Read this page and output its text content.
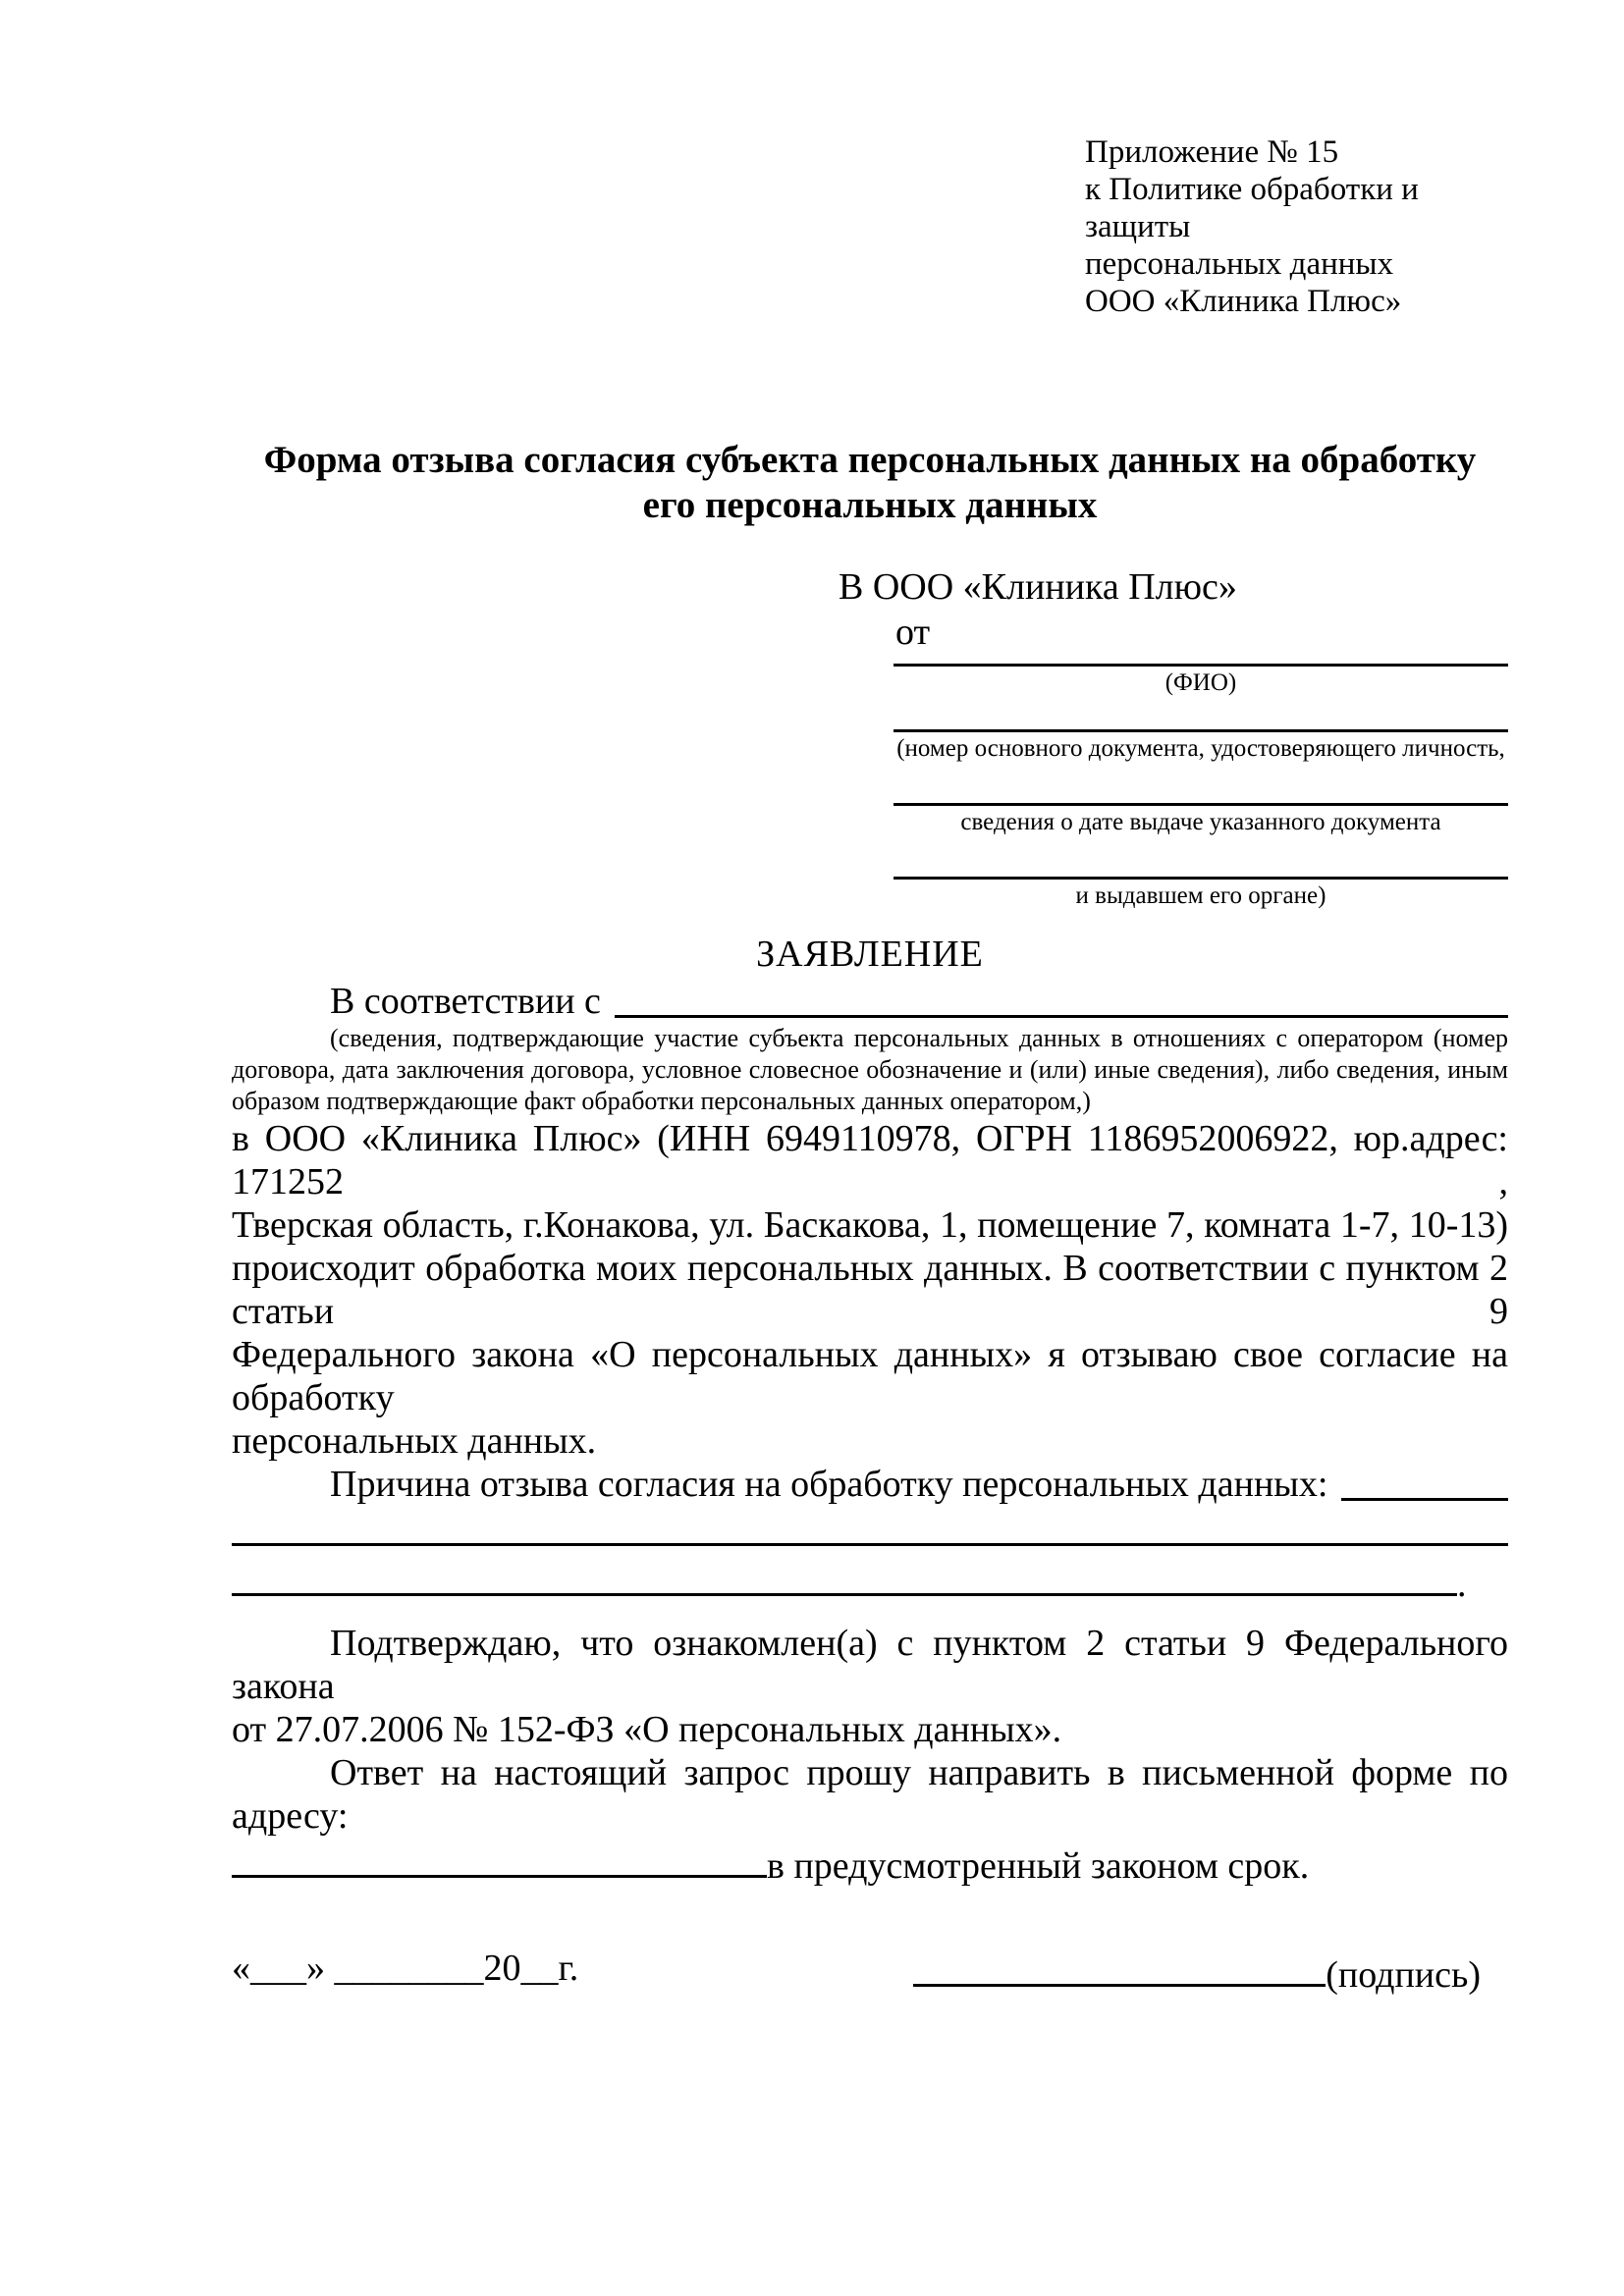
Приложение № 15
к Политике обработки и защиты
персональных данных
ООО «Клиника Плюс»
Форма отзыва согласия субъекта персональных данных на обработку
его персональных данных
В ООО «Клиника Плюс»
от
(ФИО)
(номер основного документа, удостоверяющего личность,
сведения о дате выдаче указанного документа
и выдавшем его органе)
ЗАЯВЛЕНИЕ
В соответствии с
(сведения, подтверждающие участие субъекта персональных данных в отношениях с оператором (номер договора, дата заключения договора, условное словесное обозначение и (или) иные сведения), либо сведения, иным образом подтверждающие факт обработки персональных данных оператором,)
в ООО «Клиника Плюс» (ИНН 6949110978, ОГРН 1186952006922, юр.адрес: 171252 ,
Тверская область, г.Конакова, ул. Баскакова, 1, помещение 7, комната 1-7, 10-13)
происходит обработка моих персональных данных. В соответствии с пунктом 2 статьи 9
Федерального закона «О персональных данных» я отзываю свое согласие на обработку
персональных данных.
Причина отзыва согласия на обработку персональных данных:
.
Подтверждаю, что ознакомлен(а) с пунктом 2 статьи 9 Федерального закона
от 27.07.2006 № 152-ФЗ «О персональных данных».
Ответ на настоящий запрос прошу направить в письменной форме по адресу:
в предусмотренный законом срок.
«___» ________20__г.	(подпись)
